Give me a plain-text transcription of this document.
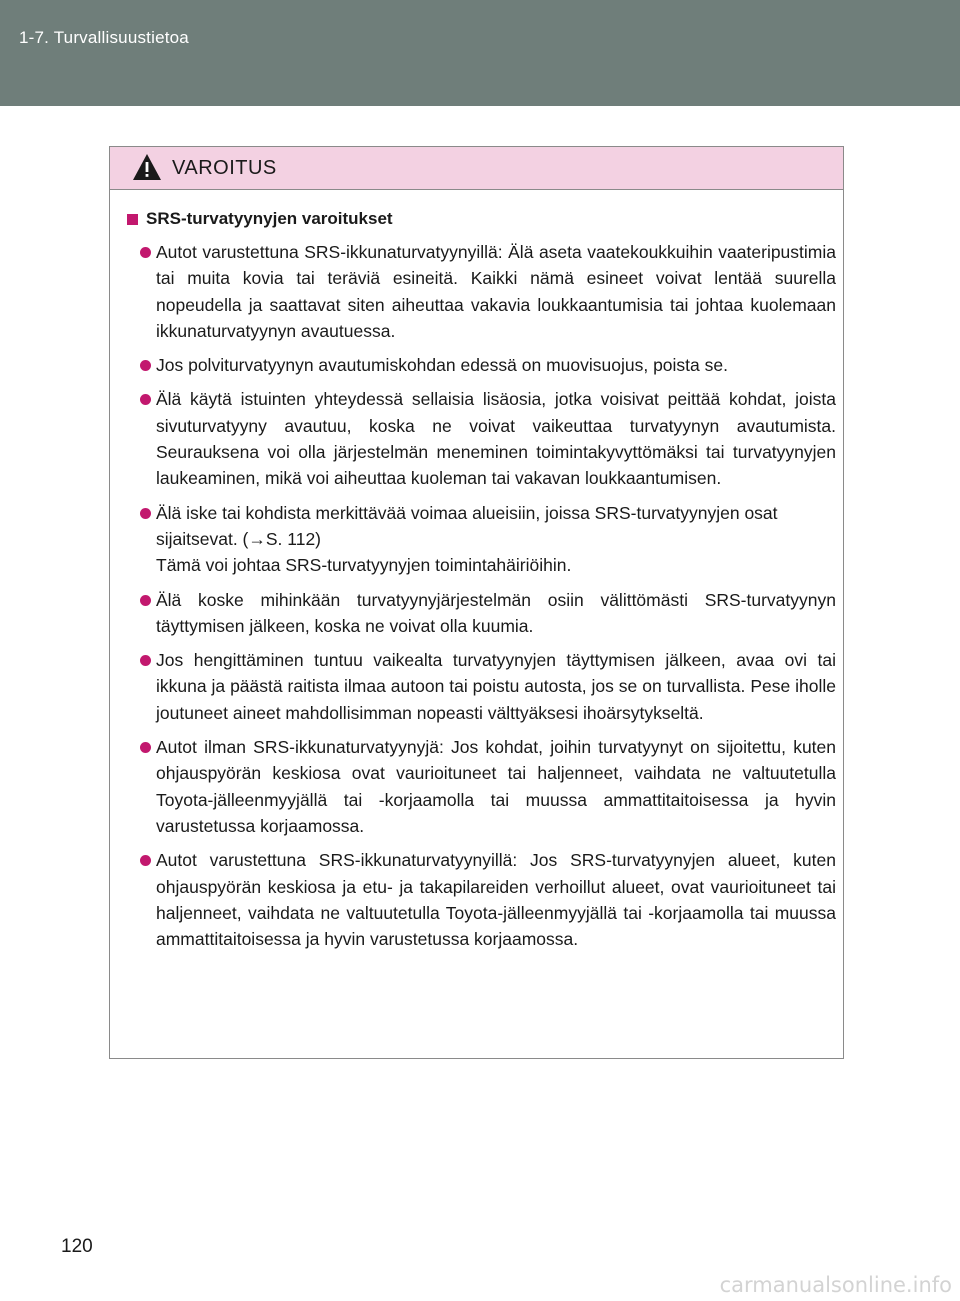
1-7. Turvallisuustietoa
VAROITUS
SRS-turvatyynyjen varoitukset
Autot varustettuna SRS-ikkunaturvatyynyillä: Älä aseta vaatekoukkuihin vaateripustimia tai muita kovia tai teräviä esineitä. Kaikki nämä esineet voivat lentää suurella nopeudella ja saattavat siten aiheuttaa vakavia loukkaantumisia tai johtaa kuolemaan ikkunaturvatyynyn avautuessa.
Jos polviturvatyynyn avautumiskohdan edessä on muovisuojus, poista se.
Älä käytä istuinten yhteydessä sellaisia lisäosia, jotka voisivat peittää kohdat, joista sivuturvatyyny avautuu, koska ne voivat vaikeuttaa turvatyynyn avautumista. Seurauksena voi olla järjestelmän meneminen toimintakyvyttömäksi tai turvatyynyjen laukeaminen, mikä voi aiheuttaa kuoleman tai vakavan loukkaantumisen.
Älä iske tai kohdista merkittävää voimaa alueisiin, joissa SRS-turvatyynyjen osat sijaitsevat. (→S. 112)
Tämä voi johtaa SRS-turvatyynyjen toimintahäiriöihin.
Älä koske mihinkään turvatyynyjärjestelmän osiin välittömästi SRS-turvatyynyn täyttymisen jälkeen, koska ne voivat olla kuumia.
Jos hengittäminen tuntuu vaikealta turvatyynyjen täyttymisen jälkeen, avaa ovi tai ikkuna ja päästä raitista ilmaa autoon tai poistu autosta, jos se on turvallista. Pese iholle joutuneet aineet mahdollisimman nopeasti välttyäksesi ihoärsytykseltä.
Autot ilman SRS-ikkunaturvatyynyjä: Jos kohdat, joihin turvatyynyt on sijoitettu, kuten ohjauspyörän keskiosa ovat vaurioituneet tai haljenneet, vaihdata ne valtuutetulla Toyota-jälleenmyyjällä tai -korjaamolla tai muussa ammattitaitoisessa ja hyvin varustetussa korjaamossa.
Autot varustettuna SRS-ikkunaturvatyynyillä: Jos SRS-turvatyynyjen alueet, kuten ohjauspyörän keskiosa ja etu- ja takapilareiden verhoillut alueet, ovat vaurioituneet tai haljenneet, vaihdata ne valtuutetulla Toyota-jälleenmyyjällä tai -korjaamolla tai muussa ammattitaitoisessa ja hyvin varustetussa korjaamossa.
120
carmanualsonline.info
